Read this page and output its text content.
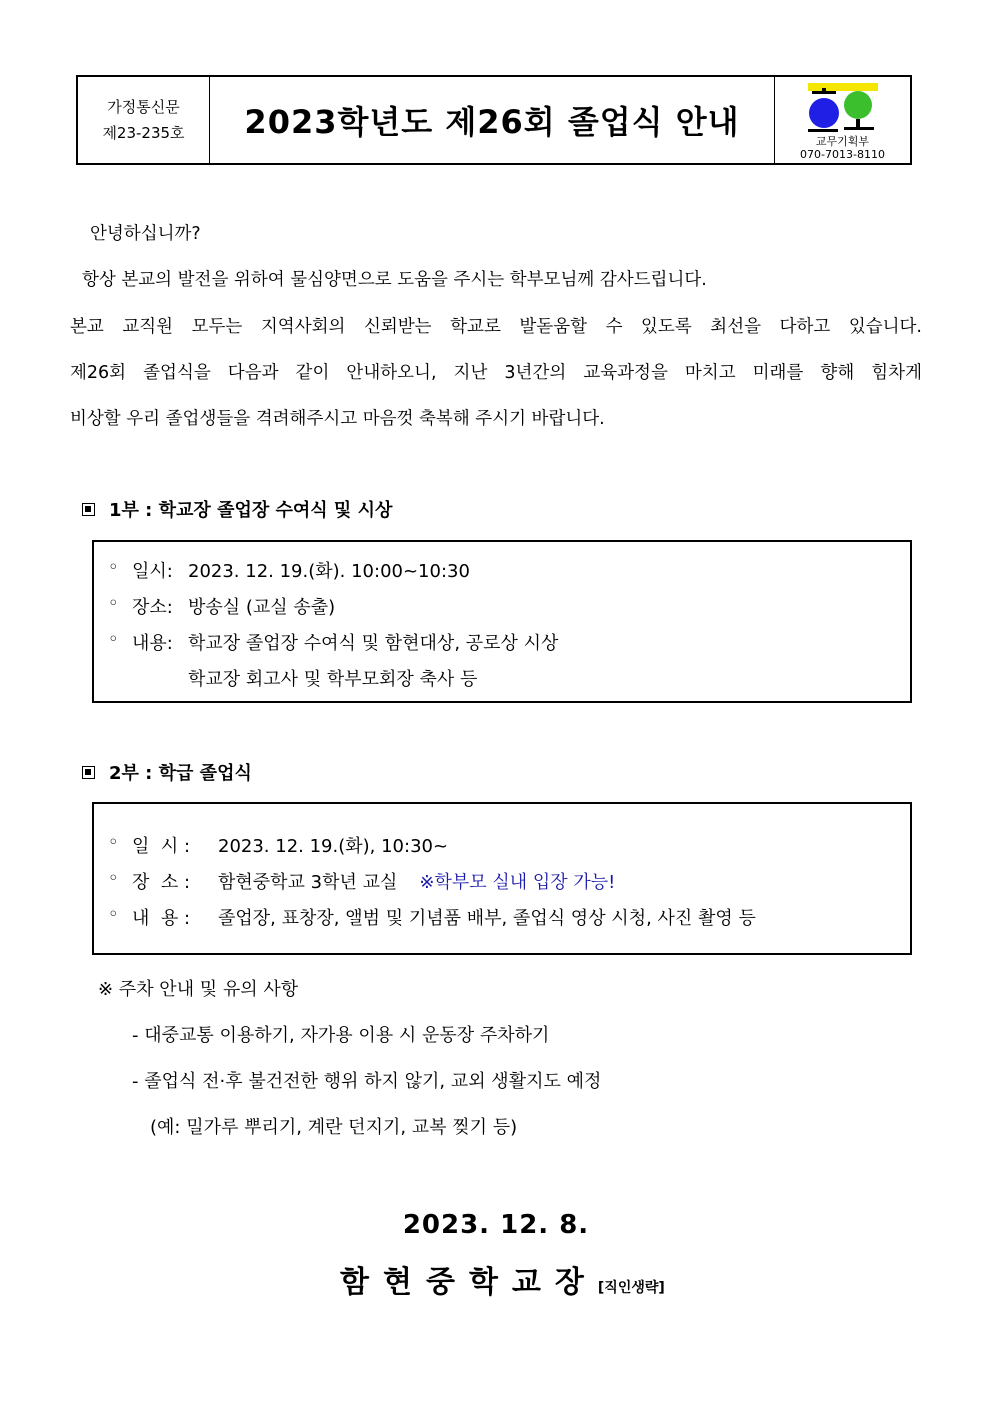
가정통신문
제23-235호	2023학년도 제26회 졸업식 안내
교무기획부
070-7013-8110
안녕하십니까?
항상 본교의 발전을 위하여 물심양면으로 도움을 주시는 학부모님께 감사드립니다.
본교 교직원 모두는 지역사회의 신뢰받는 학교로 발돋움할 수 있도록 최선을 다하고 있습니다.
제26회 졸업식을 다음과 같이 안내하오니, 지난 3년간의 교육과정을 마치고 미래를 향해 힘차게
비상할 우리 졸업생들을 격려해주시고 마음껏 축복해 주시기 바랍니다.
1부 : 학교장 졸업장 수여식 및 시상
◦ 일시: 2023. 12. 19.(화). 10:00~10:30
◦ 장소: 방송실 (교실 송출)
◦ 내용: 학교장 졸업장 수여식 및 함현대상, 공로상 시상
학교장 회고사 및 학부모회장 축사 등
2부 : 학급 졸업식
◦ 일  시 :	2023. 12. 19.(화), 10:30~
◦ 장  소 :	함현중학교 3학년 교실 ※학부모 실내 입장 가능!
◦ 내  용 :	졸업장, 표창장, 앨범 및 기념품 배부, 졸업식 영상 시청, 사진 촬영 등
※ 주차 안내 및 유의 사항
- 대중교통 이용하기, 자가용 이용 시 운동장 주차하기
- 졸업식 전·후 불건전한 행위 하지 않기, 교외 생활지도 예정
(예: 밀가루 뿌리기, 계란 던지기, 교복 찢기 등)
2023. 12. 8.
함현중학교장[직인생략]
